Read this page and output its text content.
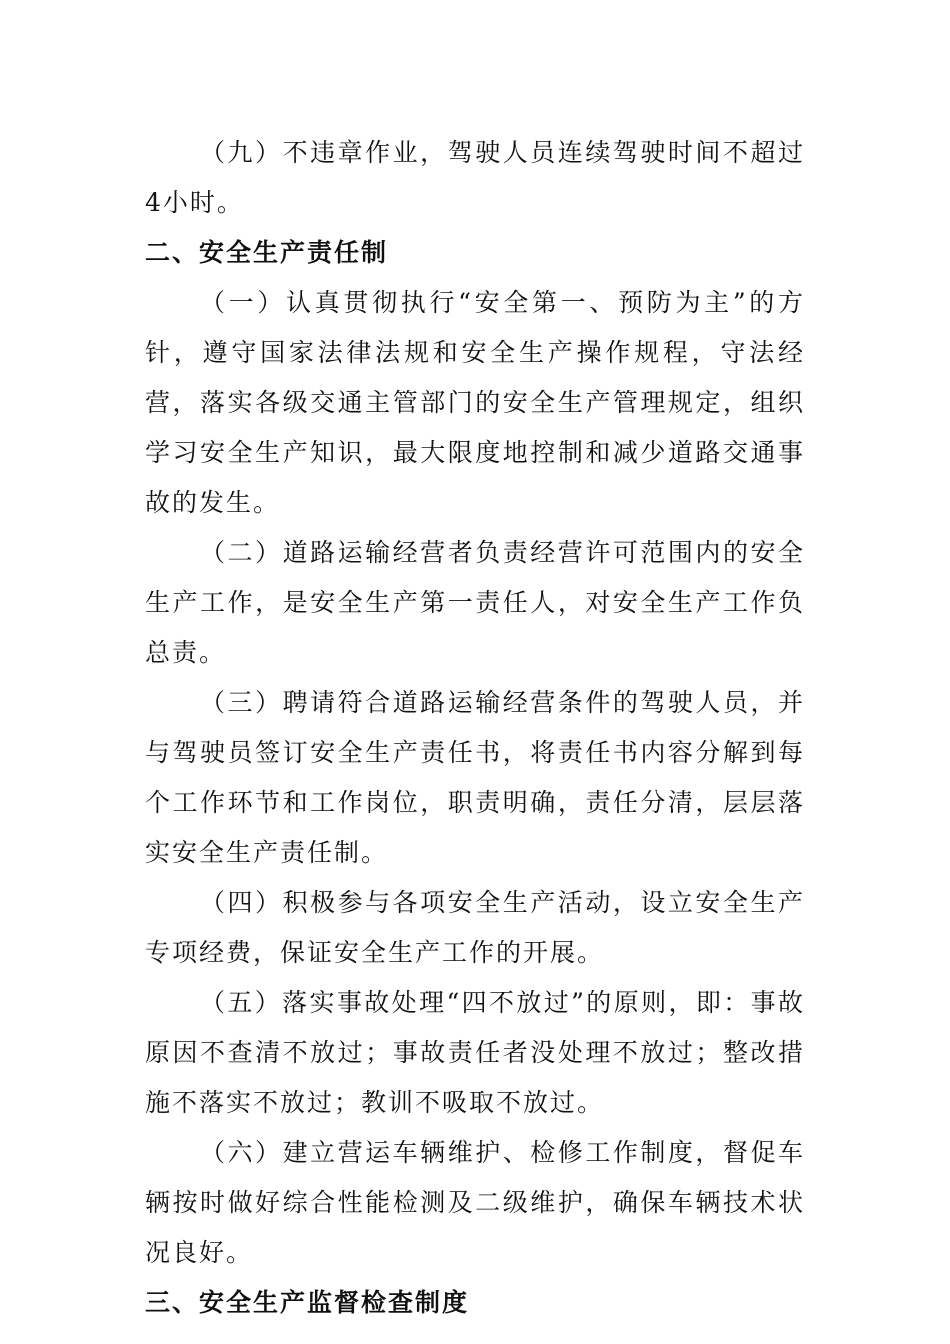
（九）不违章作业，驾驶人员连续驾驶时间不超过4小时。

二、安全生产责任制

（一）认真贯彻执行“安全第一、预防为主”的方针，遵守国家法律法规和安全生产操作规程，守法经营，落实各级交通主管部门的安全生产管理规定，组织学习安全生产知识，最大限度地控制和减少道路交通事故的发生。

（二）道路运输经营者负责经营许可范围内的安全生产工作，是安全生产第一责任人，对安全生产工作负总责。

（三）聘请符合道路运输经营条件的驾驶人员，并与驾驶员签订安全生产责任书，将责任书内容分解到每个工作环节和工作岗位，职责明确，责任分清，层层落实安全生产责任制。

（四）积极参与各项安全生产活动，设立安全生产专项经费，保证安全生产工作的开展。

（五）落实事故处理“四不放过”的原则，即：事故原因不查清不放过；事故责任者没处理不放过；整改措施不落实不放过；教训不吸取不放过。

（六）建立营运车辆维护、检修工作制度，督促车辆按时做好综合性能检测及二级维护，确保车辆技术状况良好。

三、安全生产监督检查制度
